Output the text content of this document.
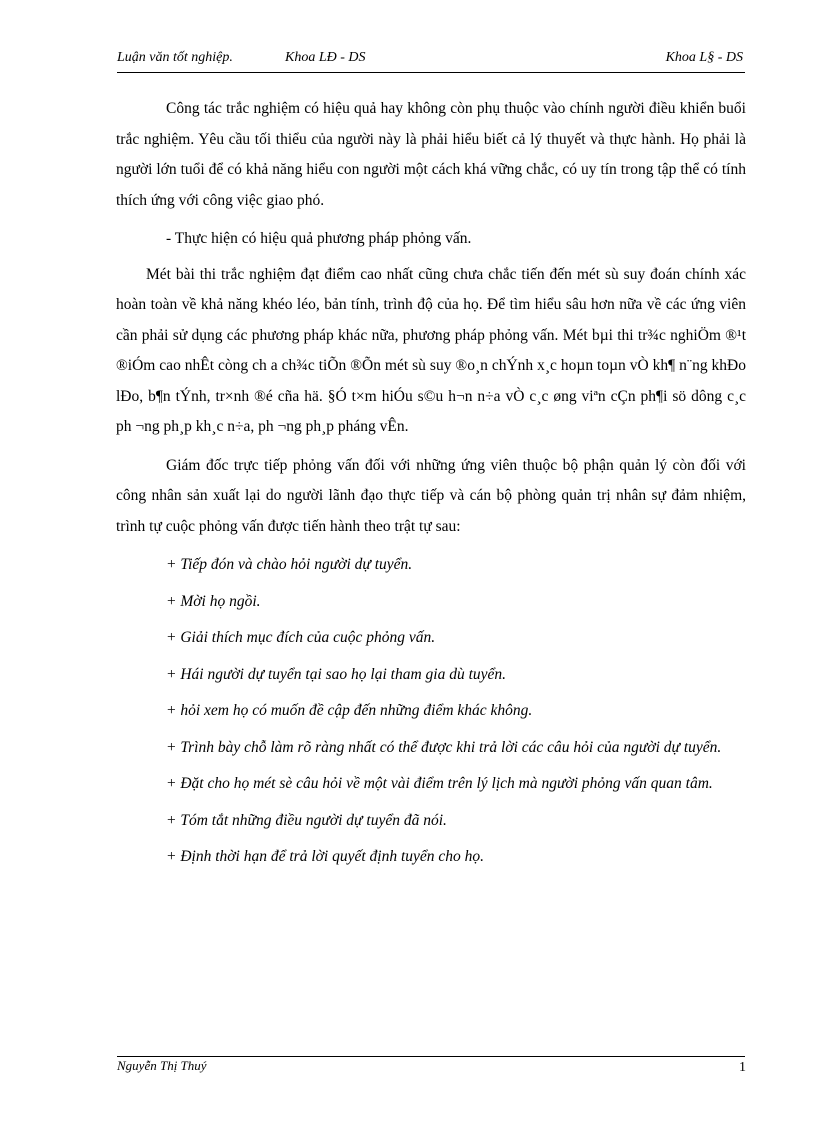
Luận văn tốt nghiệp.	Khoa LĐ - DS	Khoa L§ - DS

Công tác trắc nghiệm có hiệu quả hay không còn phụ thuộc vào chính người điều khiển buổi trắc nghiệm. Yêu cầu tối thiểu của người này là phải hiểu biết cả lý thuyết và thực hành. Họ phải là người lớn tuổi để có khả năng hiểu con người một cách khá vững chắc, có uy tín trong tập thể có tính thích ứng với công việc giao phó.

- Thực hiện có hiệu quả phương pháp phỏng vấn.

Mét bài thi trắc nghiệm đạt điểm cao nhất cũng chưa chắc tiến đến mét sù suy đoán chính xác hoàn toàn về khả năng khéo léo, bản tính, trình độ của họ. Để tìm hiểu sâu hơn nữa về các ứng viên cần phải sử dụng các phương pháp khác nữa, phương pháp phỏng vấn. Mét bµi thi tr¾c nghiÖm ®¹t ®iÓm cao nhÊt còng ch a ch¾c tiÕn ®Õn mét sù suy ®o¸n chÝnh x¸c hoµn toµn vÒ kh¶ n¨ng khÐo lÐo, b¶n tÝnh, tr×nh ®é cña hä. §Ó t×m hiÓu s©u h¬n n÷a vÒ c¸c øng viªn cÇn ph¶i sö dông c¸c ph ¬ng ph¸p kh¸c n÷a, ph ¬ng ph¸p pháng vÊn.

Giám đốc trực tiếp phỏng vấn đối với những ứng viên thuộc bộ phận quản lý còn đối với công nhân sản xuất lại do người lãnh đạo thực tiếp và cán bộ phòng quản trị nhân sự đảm nhiệm, trình tự cuộc phỏng vấn được tiến hành theo trật tự sau:

+ Tiếp đón và chào hỏi người dự tuyển.

+ Mời họ ngồi.

+ Giải thích mục đích của cuộc phỏng vấn.

+ Hái người dự tuyển tại sao họ lại tham gia dù tuyển.

+ hỏi xem họ có muốn đề cập đến những điểm khác không.

+ Trình bày chỗ làm rõ ràng nhất có thể được khi trả lời các câu hỏi của người dự tuyển.

+ Đặt cho họ mét sè câu hỏi về một vài điểm trên lý lịch mà người phỏng vấn quan tâm.

+ Tóm tắt những điều người dự tuyển đã nói.

+ Định thời hạn để trả lời quyết định tuyển cho họ.

Nguyễn Thị Thuý	1
